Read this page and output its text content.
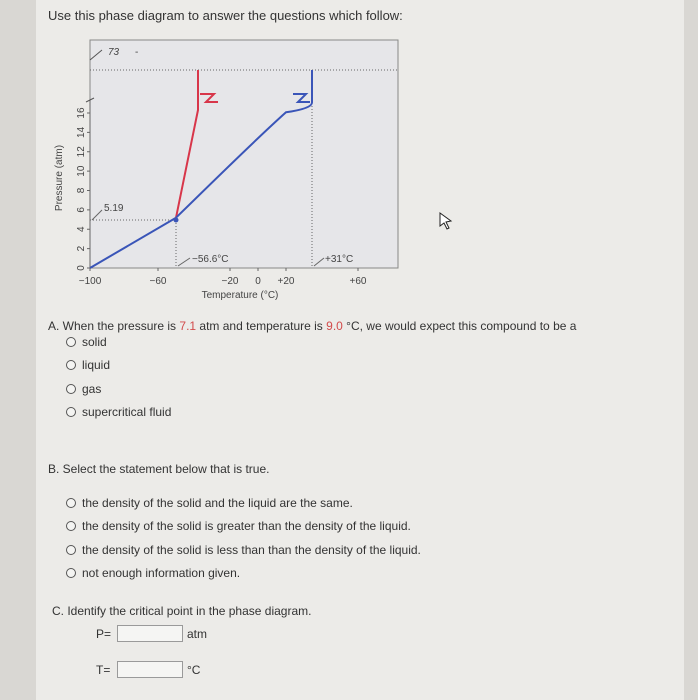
Use this phase diagram to answer the questions which follow:
73 -
5.19
−56.6°C	+31°C
0
2
4
6
8
10
12
14
16
−100	−60	−20 0 +20	+60
Pressure (atm)
Temperature (°C)
A. When the pressure is 7.1 atm and temperature is 9.0 °C, we would expect this compound to be a
solid
liquid
gas
supercritical fluid
B. Select the statement below that is true.
the density of the solid and the liquid are the same.
the density of the solid is greater than the density of the liquid.
the density of the solid is less than than the density of the liquid.
not enough information given.
C. Identify the critical point in the phase diagram.
P=	atm
T=	°C
